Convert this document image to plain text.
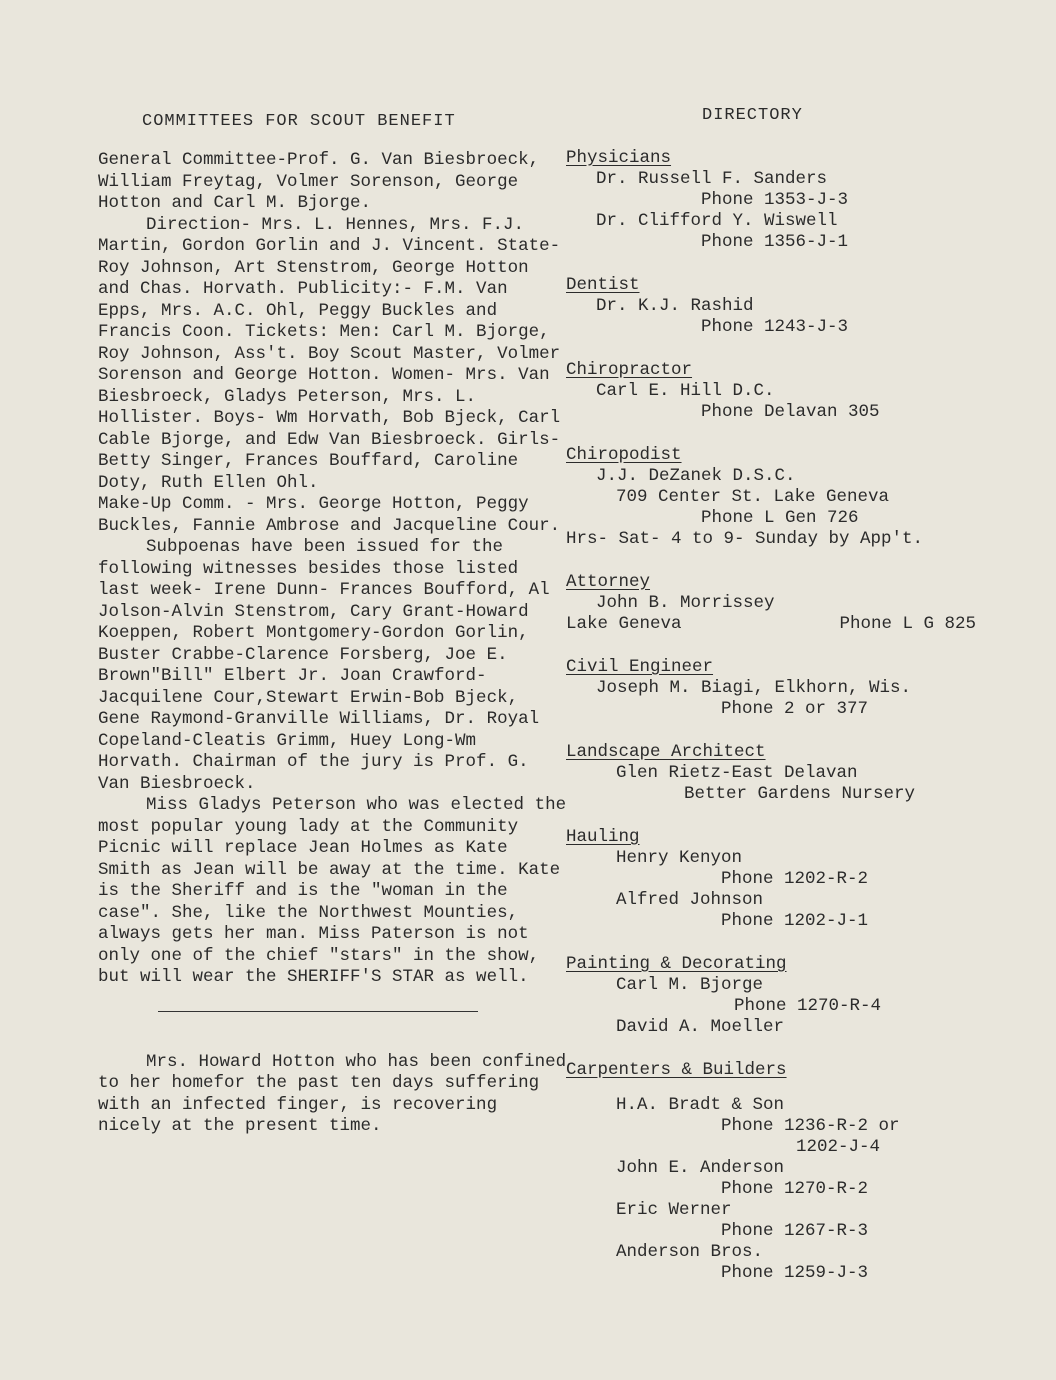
COMMITTEES FOR SCOUT BENEFIT	DIRECTORY

General Committee-Prof. G. Van Biesbroeck, William Freytag, Volmer Sorenson, George Hotton and Carl M. Bjorge.

Direction- Mrs. L. Hennes, Mrs. F.J. Martin, Gordon Gorlin and J. Vincent. State-Roy Johnson, Art Stenstrom, George Hotton and Chas. Horvath. Publicity:- F.M. Van Epps, Mrs. A.C. Ohl, Peggy Buckles and Francis Coon. Tickets: Men: Carl M. Bjorge, Roy Johnson, Ass't. Boy Scout Master, Volmer Sorenson and George Hotton. Women- Mrs. Van Biesbroeck, Gladys Peterson, Mrs. L. Hollister. Boys- Wm Horvath, Bob Bjeck, Carl Cable Bjorge, and Edw Van Biesbroeck. Girls- Betty Singer, Frances Bouffard, Caroline Doty, Ruth Ellen Ohl.

Make-Up Comm. - Mrs. George Hotton, Peggy Buckles, Fannie Ambrose and Jacqueline Cour.

Subpoenas have been issued for the following witnesses besides those listed last week- Irene Dunn- Frances Boufford, Al Jolson-Alvin Stenstrom, Cary Grant-Howard Koeppen, Robert Montgomery-Gordon Gorlin, Buster Crabbe-Clarence Forsberg, Joe E. Brown"Bill" Elbert Jr. Joan Crawford-Jacquilene Cour,Stewart Erwin-Bob Bjeck, Gene Raymond-Granville Williams, Dr. Royal Copeland-Cleatis Grimm, Huey Long-Wm Horvath. Chairman of the jury is Prof. G. Van Biesbroeck.

Miss Gladys Peterson who was elected the most popular young lady at the Community Picnic will replace Jean Holmes as Kate Smith as Jean will be away at the time. Kate is the Sheriff and is the "woman in the case". She, like the Northwest Mounties, always gets her man. Miss Paterson is not only one of the chief "stars" in the show, but will wear the SHERIFF'S STAR as well.

Mrs. Howard Hotton who has been confined to her homefor the past ten days suffering with an infected finger, is recovering nicely at the present time.

Physicians
Dr. Russell F. Sanders
Phone 1353-J-3
Dr. Clifford Y. Wiswell
Phone 1356-J-1
Dentist
Dr. K.J. Rashid
Phone 1243-J-3
Chiropractor
Carl E. Hill D.C.
Phone Delavan 305
Chiropodist
J.J. DeZanek D.S.C.
709 Center St. Lake Geneva
Phone L Gen 726
Hrs- Sat- 4 to 9- Sunday by App't.
Attorney
John B. Morrissey
Lake Geneva	Phone L G 825
Civil Engineer
Joseph M. Biagi, Elkhorn, Wis.
Phone 2 or 377
Landscape Architect
Glen Rietz-East Delavan
Better Gardens Nursery
Hauling
Henry Kenyon
Phone 1202-R-2
Alfred Johnson
Phone 1202-J-1
Painting & Decorating
Carl M. Bjorge
Phone 1270-R-4
David A. Moeller
Carpenters & Builders
H.A. Bradt & Son
Phone 1236-R-2 or
1202-J-4
John E. Anderson
Phone 1270-R-2
Eric Werner
Phone 1267-R-3
Anderson Bros.
Phone 1259-J-3
